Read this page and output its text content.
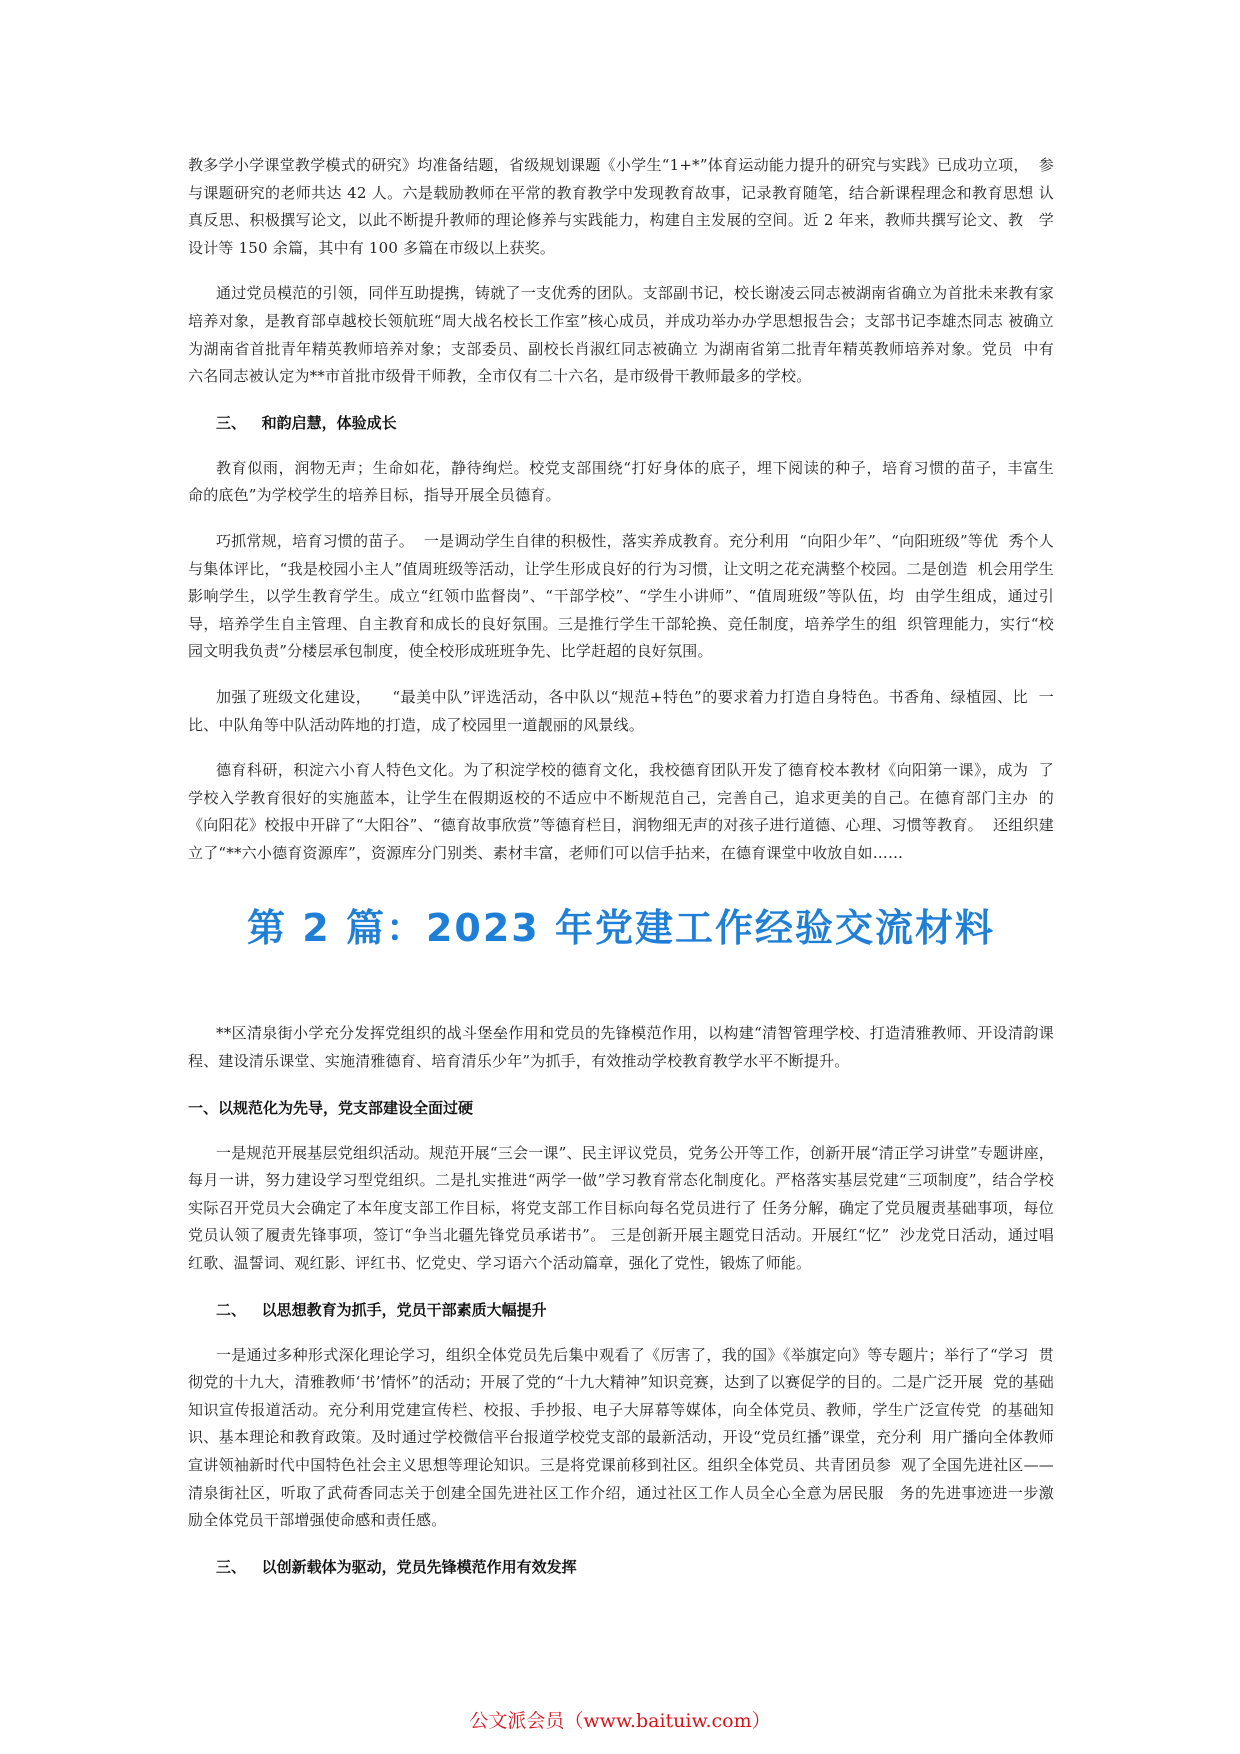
教多学小学课堂教学模式的研究》均准备结题，省级规划课题《小学生“1+*”体育运动能力提升的研究与实践》已成功立项，  参与课题研究的老师共达 42 人。六是载励教师在平常的教育教学中发现教育故事，记录教育随笔，结合新课程理念和教育思想 认真反思、积极撰写论文，以此不断提升教师的理论修养与实践能力，构建自主发展的空间。近 2 年来，教师共撰写论文、教   学设计等 150 余篇，其中有 100 多篇在市级以上获奖。

通过党员模范的引领，同伴互助提携，铸就了一支优秀的团队。支部副书记，校长谢凌云同志被湖南省确立为首批未来教有家培养对象，是教育部卓越校长领航班“周大战名校长工作室”核心成员，并成功举办办学思想报告会；支部书记李雄杰同志 被确立为湖南省首批青年精英教师培养对象；支部委员、副校长肖淑红同志被确立 为湖南省第二批青年精英教师培养对象。党员  中有六名同志被认定为**市首批市级骨干师教，全市仅有二十六名，是市级骨干教师最多的学校。

三、   和韵启慧，体验成长

教育似雨，润物无声；生命如花，静待绚烂。校党支部围绕“打好身体的底子，埋下阅读的种子，培育习惯的苗子，丰富生  命的底色”为学校学生的培养目标，指导开展全员德育。

巧抓常规，培育习惯的苗子。  一是调动学生自律的积极性，落实养成教育。充分利用  “向阳少年”、“向阳班级”等优  秀个人与集体评比，“我是校园小主人”值周班级等活动，让学生形成良好的行为习惯，让文明之花充满整个校园。二是创造  机会用学生影响学生，以学生教育学生。成立“红领巾监督岗”、“干部学校”、“学生小讲师”、“值周班级”等队伍，均  由学生组成，通过引导，培养学生自主管理、自主教育和成长的良好氛围。三是推行学生干部轮换、竞任制度，培养学生的组  织管理能力，实行“校园文明我负责”分楼层承包制度，使全校形成班班争先、比学赶超的良好氛围。

加强了班级文化建设，    “最美中队”评选活动，各中队以“规范+特色”的要求着力打造自身特色。书香角、绿植园、比  一比、中队角等中队活动阵地的打造，成了校园里一道靓丽的风景线。

德育科研，积淀六小育人特色文化。为了积淀学校的德育文化，我校德育团队开发了德育校本教材《向阳第一课》，成为  了学校入学教育很好的实施蓝本，让学生在假期返校的不适应中不断规范自己，完善自己，追求更美的自己。在德育部门主办  的《向阳花》校报中开辟了“大阳谷”、“德育故事欣赏”等德育栏目，润物细无声的对孩子进行道德、心理、习惯等教育。  还组织建立了“**六小德育资源库”，资源库分门别类、素材丰富，老师们可以信手拈来，在德育课堂中收放自如……

第 2 篇：2023 年党建工作经验交流材料

**区清泉街小学充分发挥党组织的战斗堡垒作用和党员的先锋模范作用，以构建“清智管理学校、打造清雅教师、开设清韵课程、建设清乐课堂、实施清雅德育、培育清乐少年”为抓手，有效推动学校教育教学水平不断提升。

一、以规范化为先导，党支部建设全面过硬

一是规范开展基层党组织活动。规范开展“三会一课”、民主评议党员，党务公开等工作，创新开展“清正学习讲堂”专题讲座，每月一讲，努力建设学习型党组织。二是扎实推进“两学一做”学习教育常态化制度化。严格落实基层党建“三项制度”，结合学校实际召开党员大会确定了本年度支部工作目标，将党支部工作目标向每名党员进行了 任务分解，确定了党员履责基础事项，每位党员认领了履责先锋事项，签订“争当北疆先锋党员承诺书”。 三是创新开展主题党日活动。开展红“忆”  沙龙党日活动，通过唱红歌、温誓词、观红影、评红书、忆党史、学习语六个活动篇章，强化了党性，锻炼了师能。

二、   以思想教育为抓手，党员干部素质大幅提升

一是通过多种形式深化理论学习，组织全体党员先后集中观看了《厉害了，我的国》《举旗定向》等专题片；举行了“学习  贯彻党的十九大，清雅教师‘书’情怀”的活动；开展了党的“十九大精神”知识竞赛，达到了以赛促学的目的。二是广泛开展  党的基础知识宣传报道活动。充分利用党建宣传栏、校报、手抄报、电子大屏幕等媒体，向全体党员、教师，学生广泛宣传党  的基础知识、基本理论和教育政策。及时通过学校微信平台报道学校党支部的最新活动，开设“党员红播”课堂，充分利  用广播向全体教师宣讲领袖新时代中国特色社会主义思想等理论知识。三是将党课前移到社区。组织全体党员、共青团员参  观了全国先进社区——清泉街社区，听取了武荷香同志关于创建全国先进社区工作介绍，通过社区工作人员全心全意为居民服   务的先进事迹进一步激励全体党员干部增强使命感和责任感。

三、   以创新载体为驱动，党员先锋模范作用有效发挥
公文派会员（www.baituiw.com）
